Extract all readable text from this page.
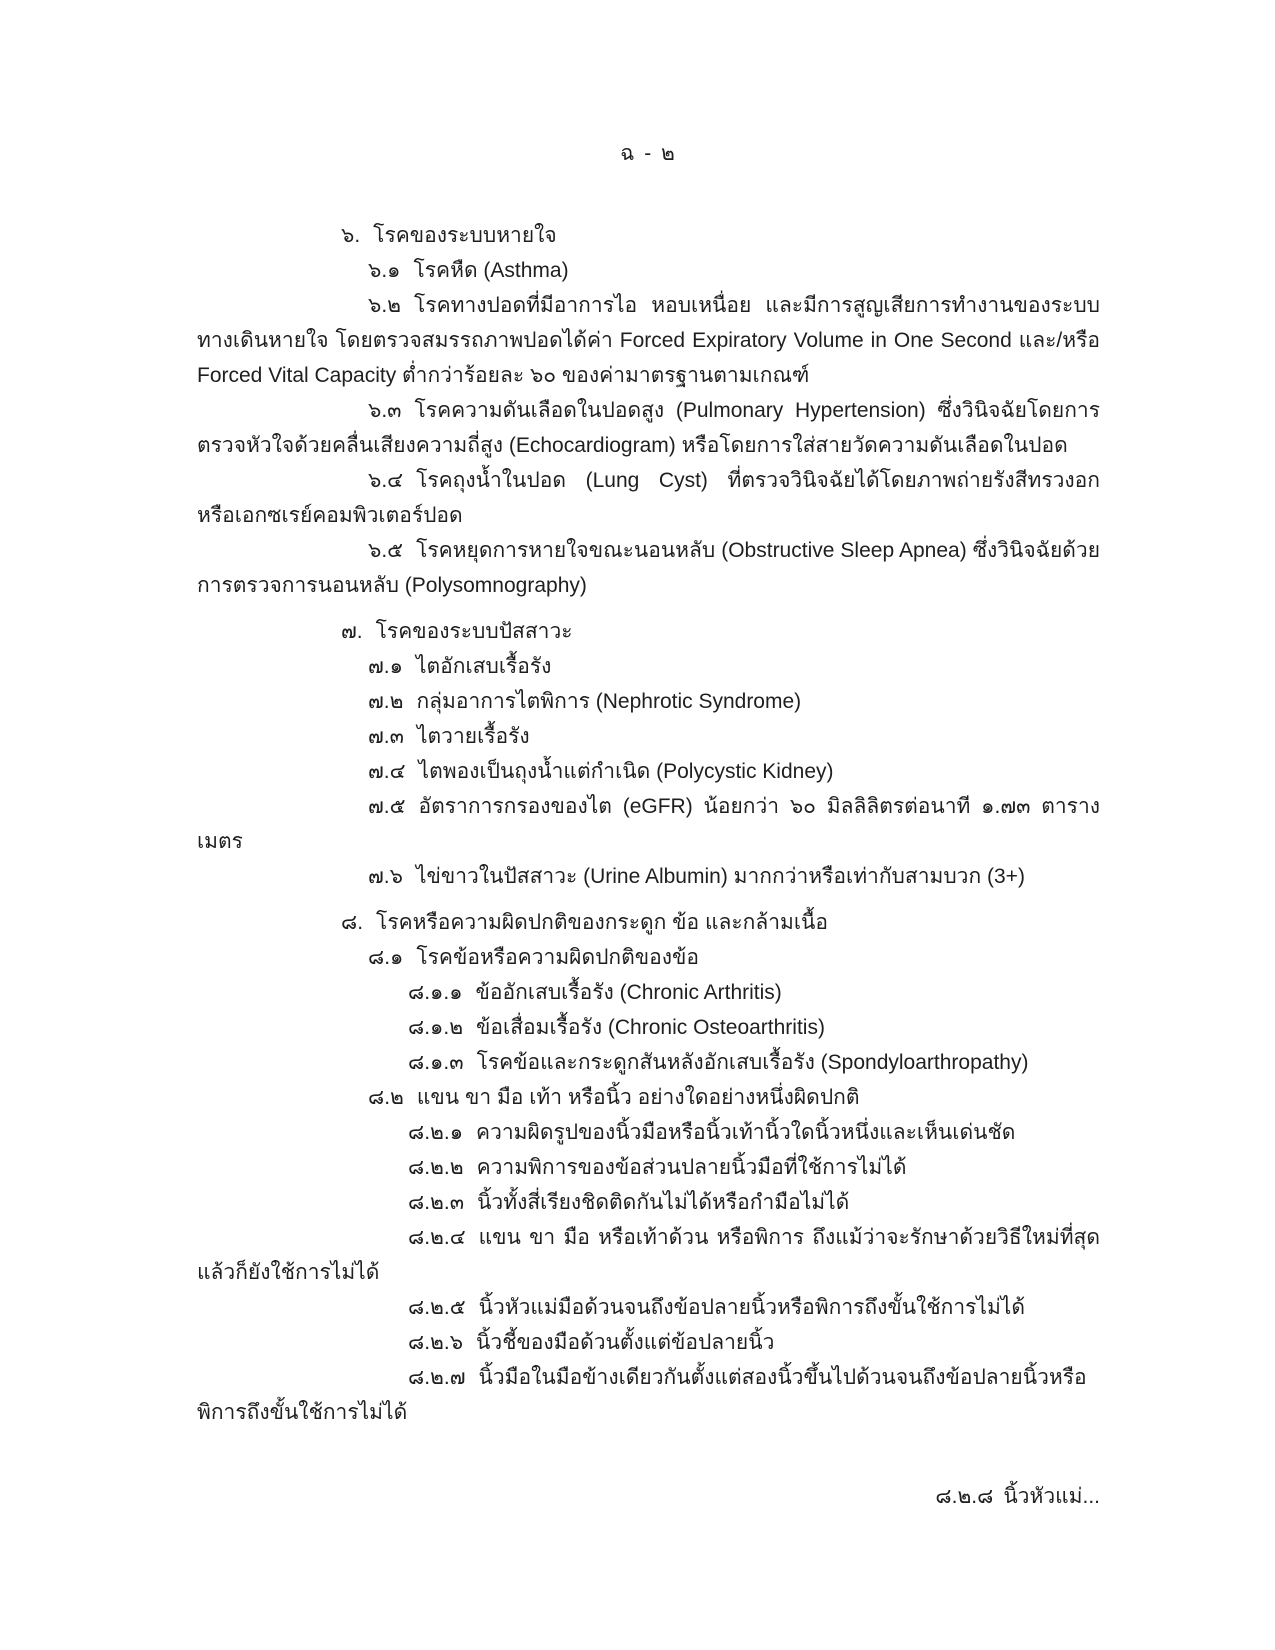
ฉ - ๒

๖. โรคของระบบหายใจ

๖.๑ โรคหืด (Asthma)

๖.๒ โรคทางปอดที่มีอาการไอ หอบเหนื่อย และมีการสูญเสียการทำงานของระบบทางเดินหายใจ โดยตรวจสมรรถภาพปอดได้ค่า Forced Expiratory Volume in One Second และ/หรือ Forced Vital Capacity ต่ำกว่าร้อยละ ๖๐ ของค่ามาตรฐานตามเกณฑ์

๖.๓ โรคความดันเลือดในปอดสูง (Pulmonary Hypertension) ซึ่งวินิจฉัยโดยการตรวจหัวใจด้วยคลื่นเสียงความถี่สูง (Echocardiogram) หรือโดยการใส่สายวัดความดันเลือดในปอด

๖.๔ โรคถุงน้ำในปอด (Lung Cyst) ที่ตรวจวินิจฉัยได้โดยภาพถ่ายรังสีทรวงอก หรือเอกซเรย์คอมพิวเตอร์ปอด

๖.๕ โรคหยุดการหายใจขณะนอนหลับ (Obstructive Sleep Apnea) ซึ่งวินิจฉัยด้วยการตรวจการนอนหลับ (Polysomnography)

๗. โรคของระบบปัสสาวะ

๗.๑ ไตอักเสบเรื้อรัง

๗.๒ กลุ่มอาการไตพิการ (Nephrotic Syndrome)

๗.๓ ไตวายเรื้อรัง

๗.๔ ไตพองเป็นถุงน้ำแต่กำเนิด (Polycystic Kidney)

๗.๕ อัตราการกรองของไต (eGFR) น้อยกว่า ๖๐ มิลลิลิตรต่อนาที ๑.๗๓ ตารางเมตร

๗.๖ ไข่ขาวในปัสสาวะ (Urine Albumin) มากกว่าหรือเท่ากับสามบวก (3+)

๘. โรคหรือความผิดปกติของกระดูก ข้อ และกล้ามเนื้อ

๘.๑ โรคข้อหรือความผิดปกติของข้อ

๘.๑.๑ ข้ออักเสบเรื้อรัง (Chronic Arthritis)

๘.๑.๒ ข้อเสื่อมเรื้อรัง (Chronic Osteoarthritis)

๘.๑.๓ โรคข้อและกระดูกสันหลังอักเสบเรื้อรัง (Spondyloarthropathy)

๘.๒ แขน ขา มือ เท้า หรือนิ้ว อย่างใดอย่างหนึ่งผิดปกติ

๘.๒.๑ ความผิดรูปของนิ้วมือหรือนิ้วเท้านิ้วใดนิ้วหนึ่งและเห็นเด่นชัด

๘.๒.๒ ความพิการของข้อส่วนปลายนิ้วมือที่ใช้การไม่ได้

๘.๒.๓ นิ้วทั้งสี่เรียงชิดติดกันไม่ได้หรือกำมือไม่ได้

๘.๒.๔ แขน ขา มือ หรือเท้าด้วน หรือพิการ ถึงแม้ว่าจะรักษาด้วยวิธีใหม่ที่สุดแล้วก็ยังใช้การไม่ได้

๘.๒.๕ นิ้วหัวแม่มือด้วนจนถึงข้อปลายนิ้วหรือพิการถึงขั้นใช้การไม่ได้

๘.๒.๖ นิ้วชี้ของมือด้วนตั้งแต่ข้อปลายนิ้ว

๘.๒.๗ นิ้วมือในมือข้างเดียวกันตั้งแต่สองนิ้วขึ้นไปด้วนจนถึงข้อปลายนิ้วหรือพิการถึงขั้นใช้การไม่ได้

๘.๒.๘ นิ้วหัวแม่...
